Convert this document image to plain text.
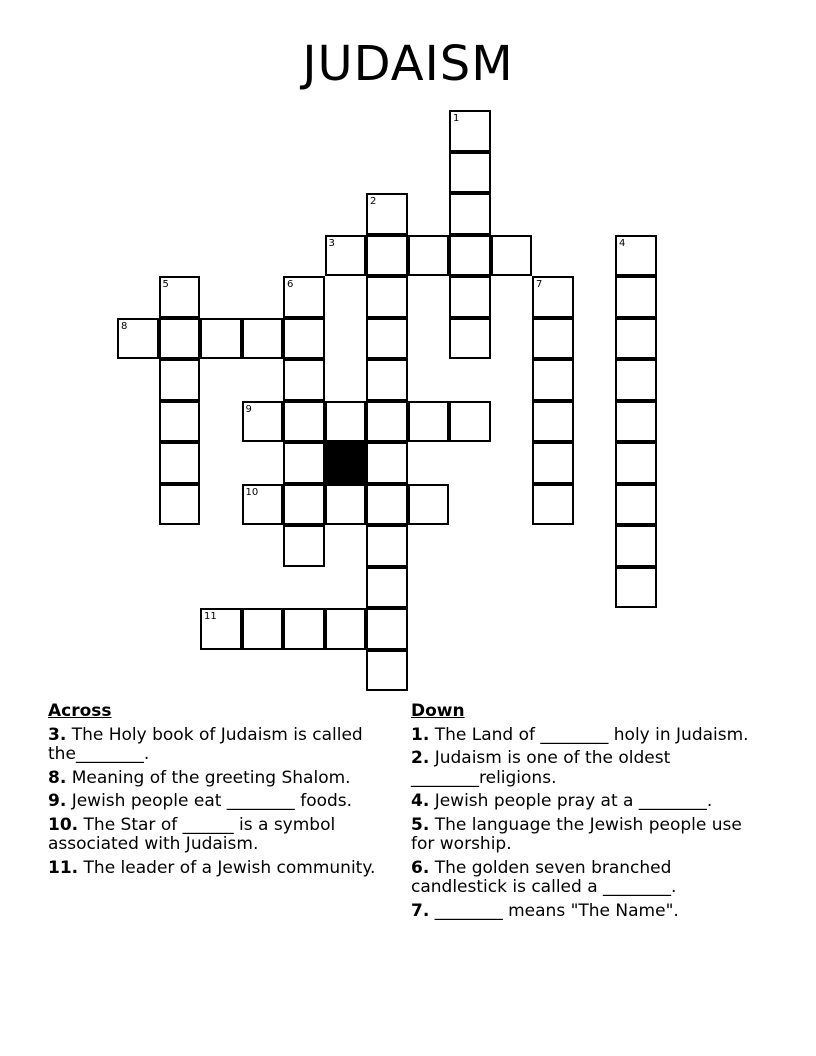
JUDAISM
3
8
9
10
11
1
2
4
5	6	7
Across
3. The Holy book of Judaism is called the________.
8. Meaning of the greeting Shalom.
9. Jewish people eat ________ foods.
10. The Star of ______ is a symbol associated with Judaism.
11. The leader of a Jewish community.
Down
1. The Land of ________ holy in Judaism.
2. Judaism is one of the oldest ________religions.
4. Jewish people pray at a ________.
5. The language the Jewish people use for worship.
6. The golden seven branched candlestick is called a ________.
7. ________ means "The Name".
